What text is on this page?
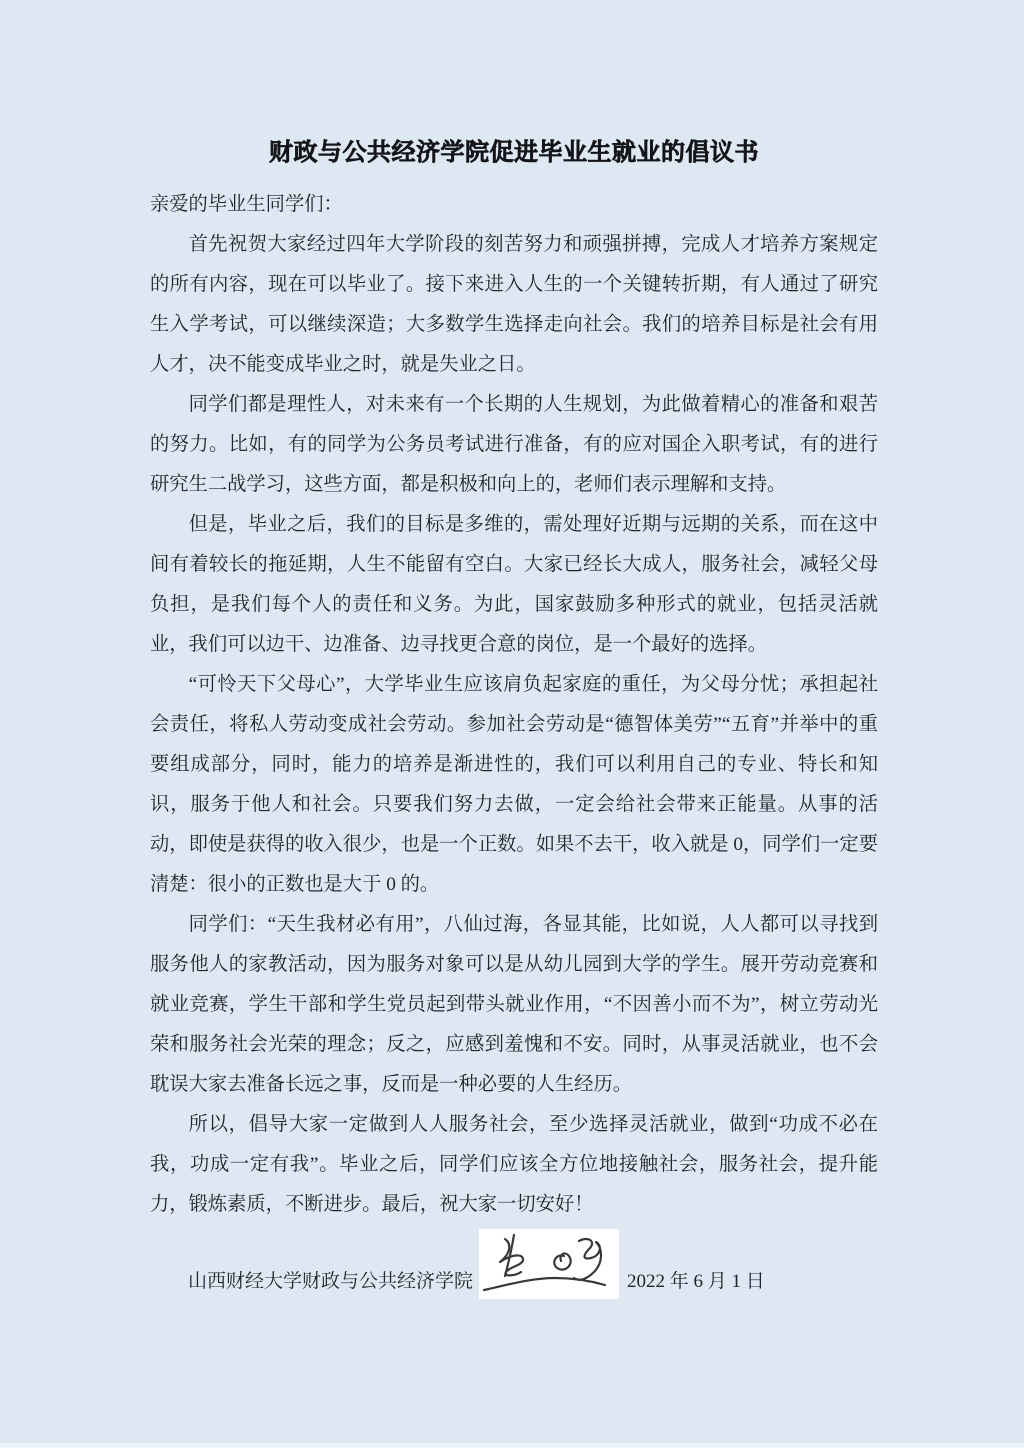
财政与公共经济学院促进毕业生就业的倡议书

亲爱的毕业生同学们：

首先祝贺大家经过四年大学阶段的刻苦努力和顽强拼搏，完成人才培养方案规定的所有内容，现在可以毕业了。接下来进入人生的一个关键转折期，有人通过了研究生入学考试，可以继续深造；大多数学生选择走向社会。我们的培养目标是社会有用人才，决不能变成毕业之时，就是失业之日。

同学们都是理性人，对未来有一个长期的人生规划，为此做着精心的准备和艰苦的努力。比如，有的同学为公务员考试进行准备，有的应对国企入职考试，有的进行研究生二战学习，这些方面，都是积极和向上的，老师们表示理解和支持。

但是，毕业之后，我们的目标是多维的，需处理好近期与远期的关系，而在这中间有着较长的拖延期，人生不能留有空白。大家已经长大成人，服务社会，减轻父母负担，是我们每个人的责任和义务。为此，国家鼓励多种形式的就业，包括灵活就业，我们可以边干、边准备、边寻找更合意的岗位，是一个最好的选择。

“可怜天下父母心”，大学毕业生应该肩负起家庭的重任，为父母分忧；承担起社会责任，将私人劳动变成社会劳动。参加社会劳动是“德智体美劳”“五育”并举中的重要组成部分，同时，能力的培养是渐进性的，我们可以利用自己的专业、特长和知识，服务于他人和社会。只要我们努力去做，一定会给社会带来正能量。从事的活动，即使是获得的收入很少，也是一个正数。如果不去干，收入就是 0，同学们一定要清楚：很小的正数也是大于 0 的。

同学们：“天生我材必有用”，八仙过海，各显其能，比如说，人人都可以寻找到服务他人的家教活动，因为服务对象可以是从幼儿园到大学的学生。展开劳动竞赛和就业竞赛，学生干部和学生党员起到带头就业作用，“不因善小而不为”，树立劳动光荣和服务社会光荣的理念；反之，应感到羞愧和不安。同时，从事灵活就业，也不会耽误大家去准备长远之事，反而是一种必要的人生经历。

所以，倡导大家一定做到人人服务社会，至少选择灵活就业，做到“功成不必在我，功成一定有我”。毕业之后，同学们应该全方位地接触社会，服务社会，提升能力，锻炼素质，不断进步。最后，祝大家一切安好！

山西财经大学财政与公共经济学院	2022 年 6 月 1 日
